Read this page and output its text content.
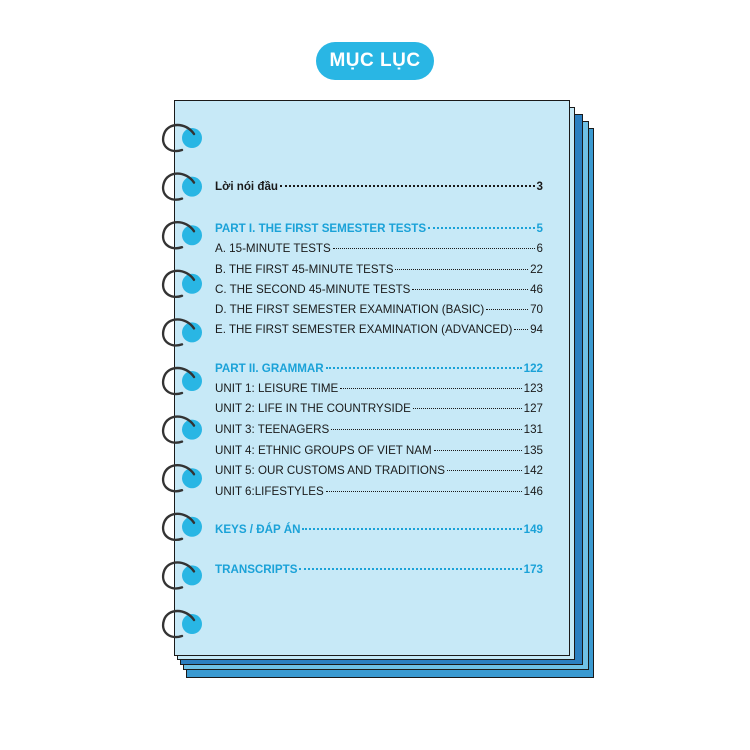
MỤC LỤC
Lời nói đầu	3
PART I. THE FIRST SEMESTER TESTS	5
A. 15-MINUTE TESTS	6
B. THE FIRST 45-MINUTE TESTS	22
C. THE SECOND 45-MINUTE TESTS	46
D. THE FIRST SEMESTER EXAMINATION (BASIC)	70
E. THE FIRST SEMESTER EXAMINATION (ADVANCED) 94
PART II. GRAMMAR	122
UNIT 1: LEISURE TIME	123
UNIT 2: LIFE IN THE COUNTRYSIDE	127
UNIT 3: TEENAGERS	131
UNIT 4: ETHNIC GROUPS OF VIET NAM	135
UNIT 5: OUR CUSTOMS AND TRADITIONS	142
UNIT 6:LIFESTYLES	146
KEYS / ĐÁP ÁN	149
TRANSCRIPTS	173
